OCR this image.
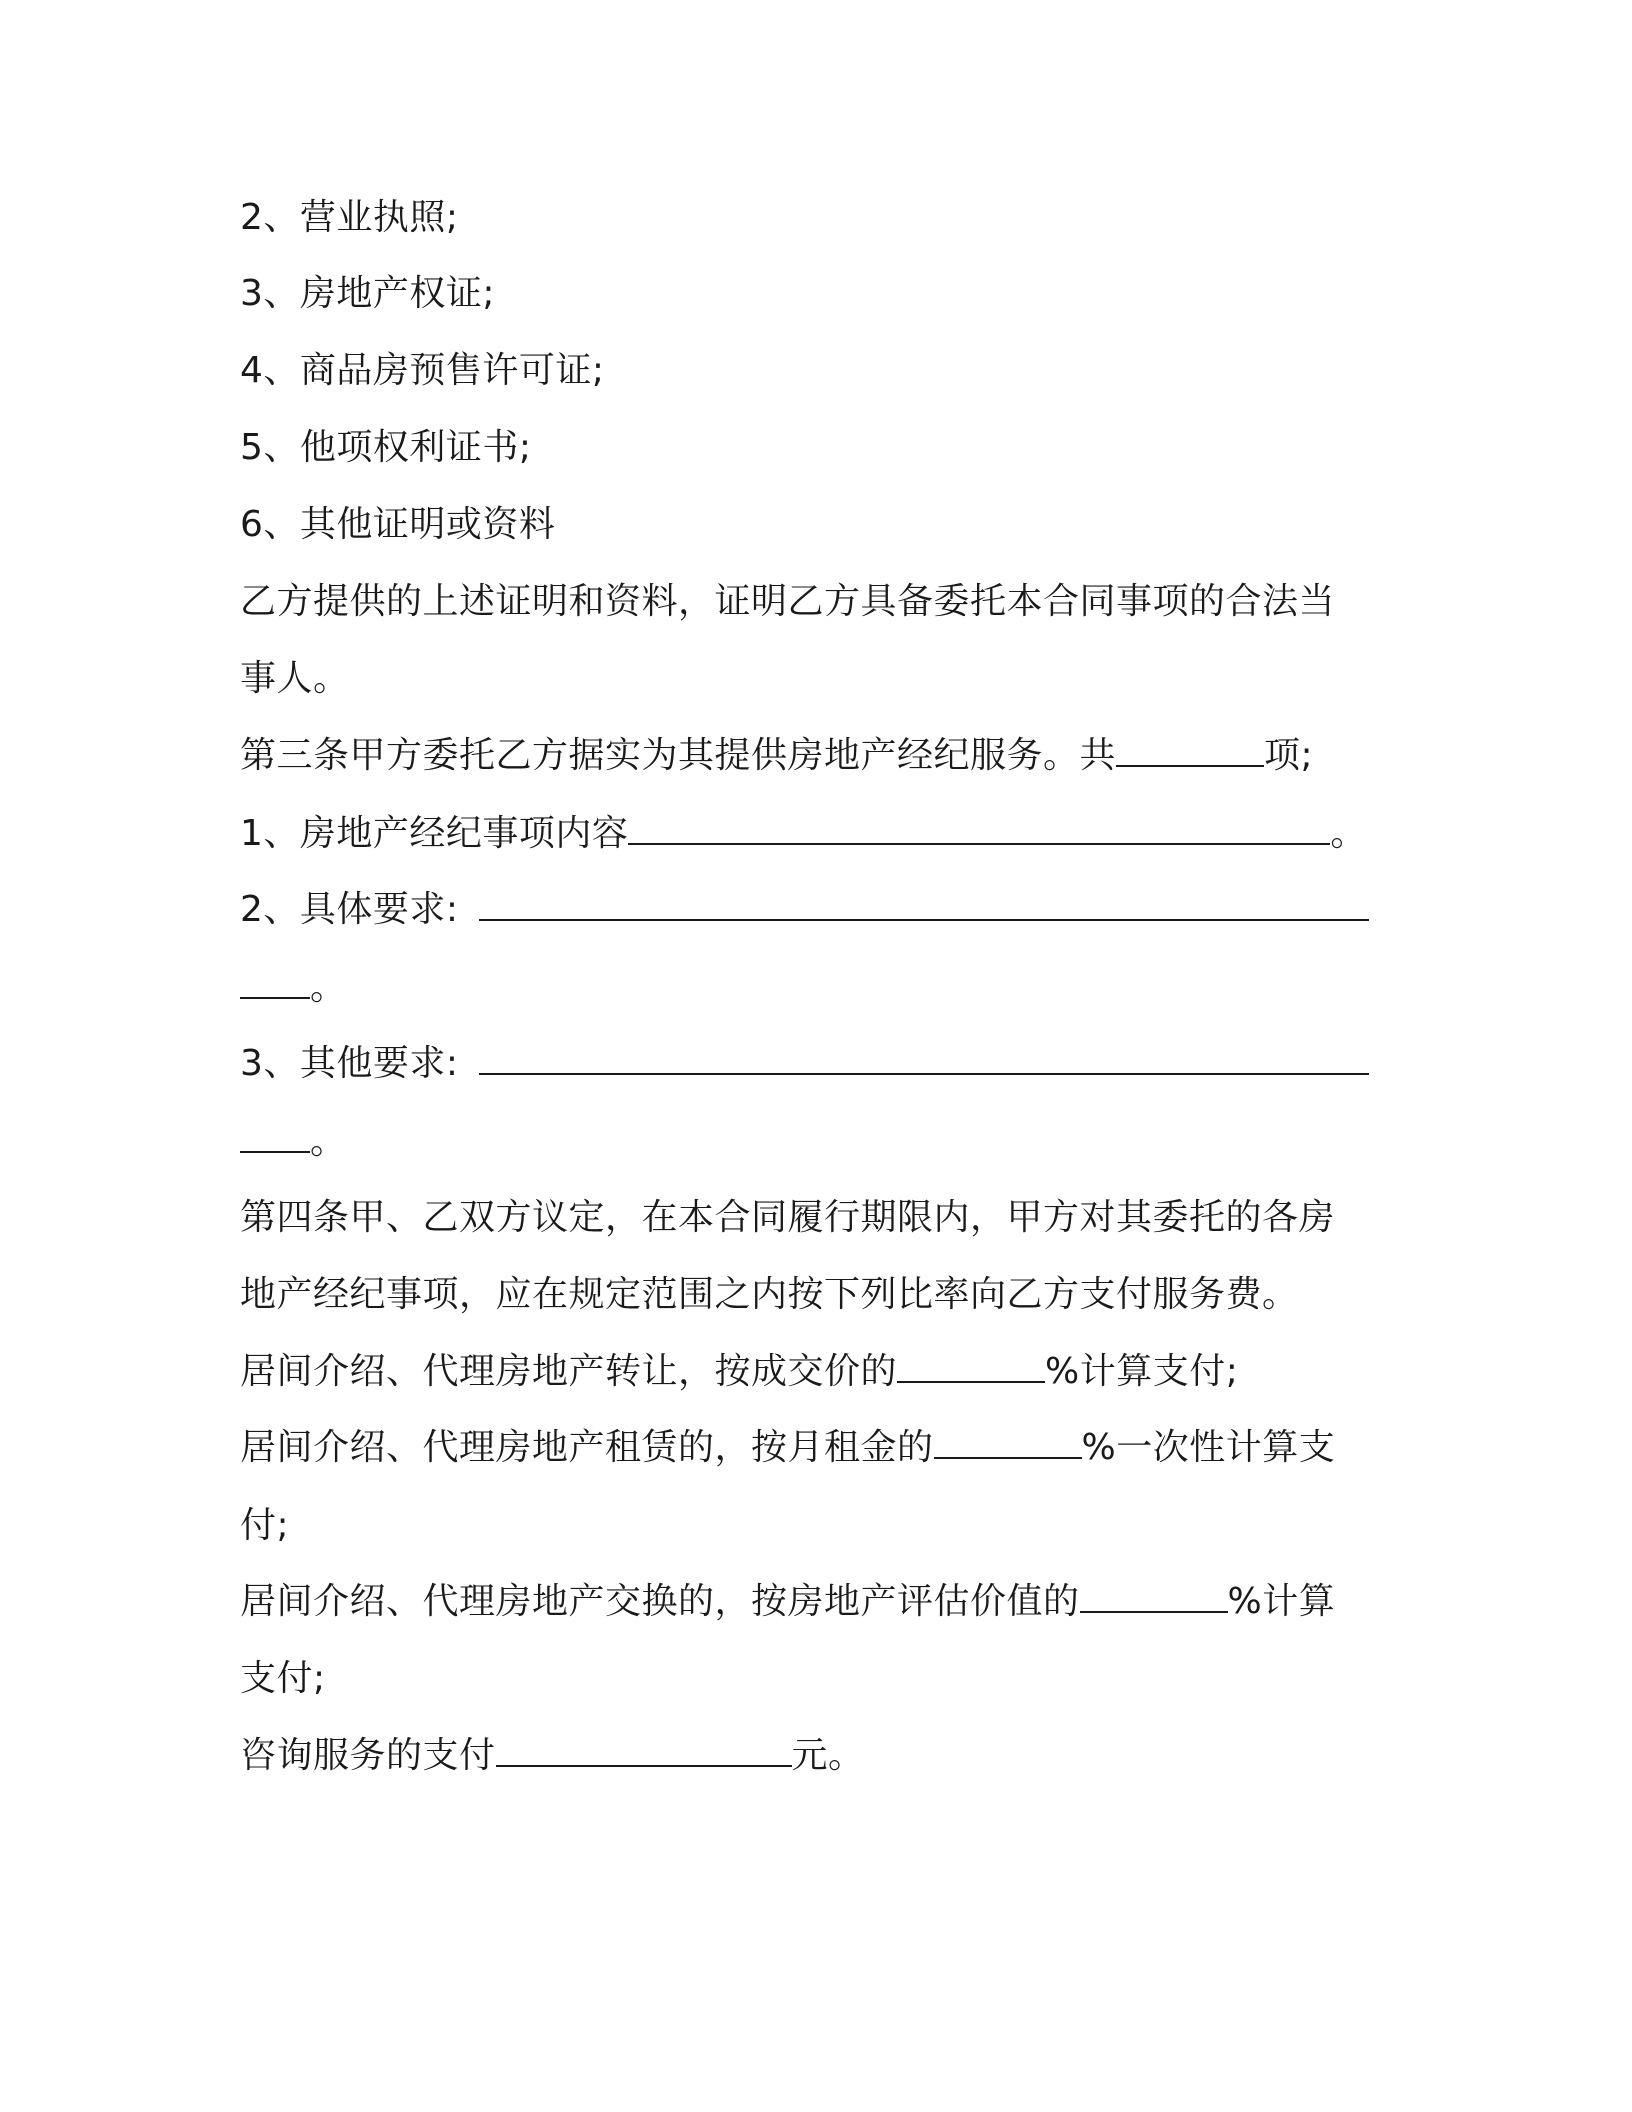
2、营业执照;
3、房地产权证;
4、商品房预售许可证;
5、他项权利证书;
6、其他证明或资料
乙方提供的上述证明和资料，证明乙方具备委托本合同事项的合法当
事人。
第三条甲方委托乙方据实为其提供房地产经纪服务。共	项;
1、房地产经纪事项内容	。
2、具体要求:
。
3、其他要求:
。
第四条甲、乙双方议定，在本合同履行期限内，甲方对其委托的各房
地产经纪事项，应在规定范围之内按下列比率向乙方支付服务费。
居间介绍、代理房地产转让，按成交价的	%计算支付;
居间介绍、代理房地产租赁的，按月租金的	%一次性计算支
付;
居间介绍、代理房地产交换的，按房地产评估价值的	%计算
支付;
咨询服务的支付	元。
